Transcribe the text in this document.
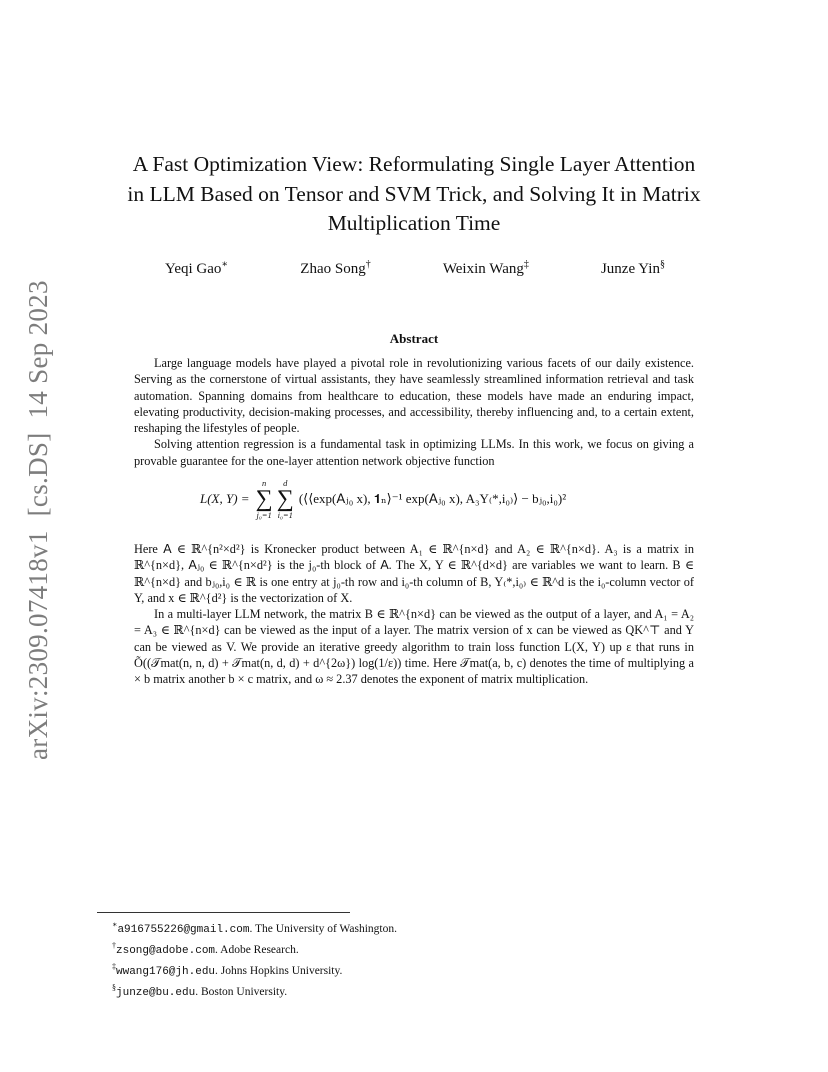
arXiv:2309.07418v1
[cs.DS]
14 Sep 2023
A Fast Optimization View: Reformulating Single Layer Attention
in LLM Based on Tensor and SVM Trick, and Solving It in Matrix
Multiplication Time
Yeqi Gao∗	Zhao Song†	Weixin Wang‡	Junze Yin§
Abstract

Large language models have played a pivotal role in revolutionizing various facets of our daily existence. Serving as the cornerstone of virtual assistants, they have seamlessly streamlined information retrieval and task automation. Spanning domains from healthcare to education, these models have made an enduring impact, elevating productivity, decision-making processes, and accessibility, thereby influencing and, to a certain extent, reshaping the lifestyles of people.

Solving attention regression is a fundamental task in optimizing LLMs. In this work, we focus on giving a provable guarantee for the one-layer attention network objective function

L(X, Y) =
n
∑
j₀=1
d
∑
i₀=1
(⟨⟨exp(𝖠ⱼ₀ x), 𝟏ₙ⟩⁻¹ exp(𝖠ⱼ₀ x), A₃Y₍*,i₀₎⟩ − bⱼ₀,i₀)²

Here 𝖠 ∈ ℝ^{n²×d²} is Kronecker product between A₁ ∈ ℝ^{n×d} and A₂ ∈ ℝ^{n×d}. A₃ is a matrix in ℝ^{n×d}, 𝖠ⱼ₀ ∈ ℝ^{n×d²} is the j₀-th block of 𝖠. The X, Y ∈ ℝ^{d×d} are variables we want to learn. B ∈ ℝ^{n×d} and bⱼ₀,i₀ ∈ ℝ is one entry at j₀-th row and i₀-th column of B, Y₍*,i₀₎ ∈ ℝ^d is the i₀-column vector of Y, and x ∈ ℝ^{d²} is the vectorization of X.

In a multi-layer LLM network, the matrix B ∈ ℝ^{n×d} can be viewed as the output of a layer, and A₁ = A₂ = A₃ ∈ ℝ^{n×d} can be viewed as the input of a layer. The matrix version of x can be viewed as QK^⊤ and Y can be viewed as V. We provide an iterative greedy algorithm to train loss function L(X, Y) up ε that runs in Õ((𝒯mat(n, n, d) + 𝒯mat(n, d, d) + d^{2ω}) log(1/ε)) time. Here 𝒯mat(a, b, c) denotes the time of multiplying a × b matrix another b × c matrix, and ω ≈ 2.37 denotes the exponent of matrix multiplication.

∗a916755226@gmail.com. The University of Washington.
†zsong@adobe.com. Adobe Research.
‡wwang176@jh.edu. Johns Hopkins University.
§junze@bu.edu. Boston University.
